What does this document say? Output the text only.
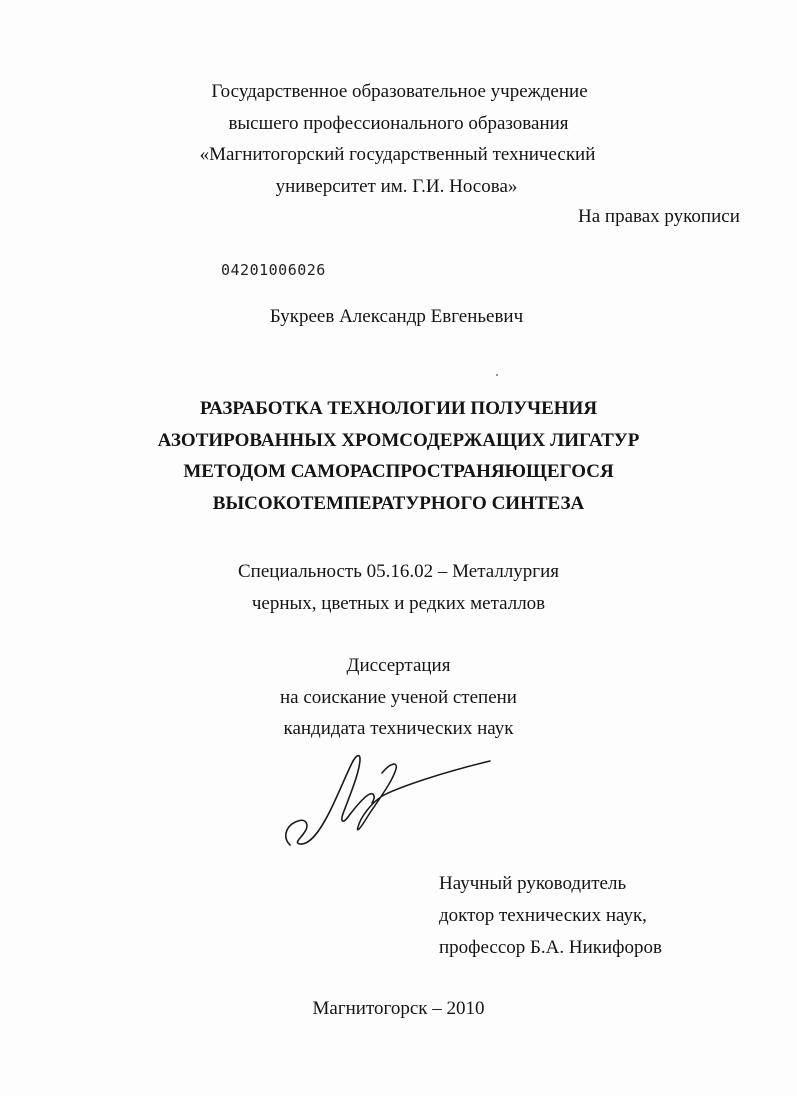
Государственное образовательное учреждение
высшего профессионального образования
«Магнитогорский государственный технический
университет им. Г.И. Носова»
На правах рукописи
04201006026
Букреев Александр Евгеньевич
РАЗРАБОТКА ТЕХНОЛОГИИ ПОЛУЧЕНИЯ
АЗОТИРОВАННЫХ ХРОМСОДЕРЖАЩИХ ЛИГАТУР
МЕТОДОМ САМОРАСПРОСТРАНЯЮЩЕГОСЯ
ВЫСОКОТЕМПЕРАТУРНОГО СИНТЕЗА
Специальность 05.16.02 – Металлургия
черных, цветных и редких металлов
Диссертация
на соискание ученой степени
кандидата технических наук
Научный руководитель
доктор технических наук,
профессор Б.А. Никифоров
Магнитогорск – 2010
